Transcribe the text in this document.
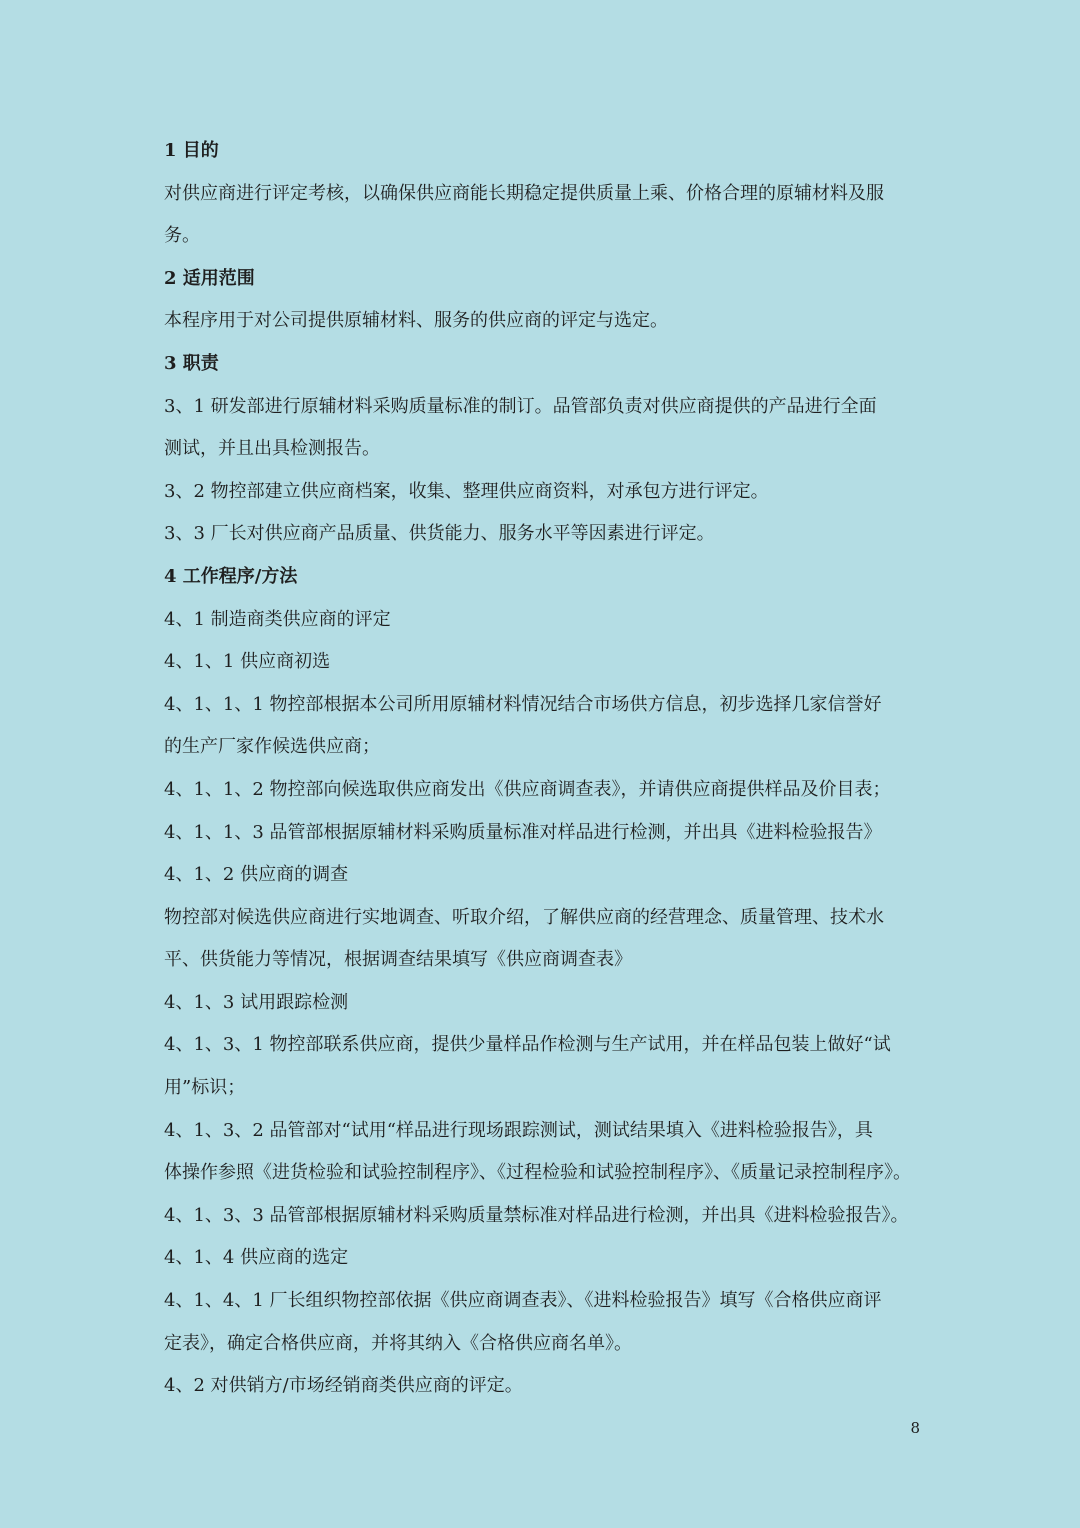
1 目的
对供应商进行评定考核，以确保供应商能长期稳定提供质量上乘、价格合理的原辅材料及服
务。
2 适用范围
本程序用于对公司提供原辅材料、服务的供应商的评定与选定。
3 职责
3、1 研发部进行原辅材料采购质量标准的制订。品管部负责对供应商提供的产品进行全面
测试，并且出具检测报告。
3、2 物控部建立供应商档案，收集、整理供应商资料，对承包方进行评定。
3、3 厂长对供应商产品质量、供货能力、服务水平等因素进行评定。
4 工作程序/方法
4、1 制造商类供应商的评定
4、1、1 供应商初选
4、1、1、1 物控部根据本公司所用原辅材料情况结合市场供方信息，初步选择几家信誉好
的生产厂家作候选供应商；
4、1、1、2 物控部向候选取供应商发出《供应商调查表》，并请供应商提供样品及价目表；
4、1、1、3 品管部根据原辅材料采购质量标准对样品进行检测，并出具《进料检验报告》
4、1、2 供应商的调查
物控部对候选供应商进行实地调查、听取介绍，了解供应商的经营理念、质量管理、技术水
平、供货能力等情况，根据调查结果填写《供应商调查表》
4、1、3 试用跟踪检测
4、1、3、1 物控部联系供应商，提供少量样品作检测与生产试用，并在样品包装上做好“试
用”标识；
4、1、3、2 品管部对“试用“样品进行现场跟踪测试，测试结果填入《进料检验报告》，具
体操作参照《进货检验和试验控制程序》、《过程检验和试验控制程序》、《质量记录控制程序》。
4、1、3、3 品管部根据原辅材料采购质量禁标准对样品进行检测，并出具《进料检验报告》。
4、1、4 供应商的选定
4、1、4、1 厂长组织物控部依据《供应商调查表》、《进料检验报告》填写《合格供应商评
定表》，确定合格供应商，并将其纳入《合格供应商名单》。
4、2 对供销方/市场经销商类供应商的评定。
8
